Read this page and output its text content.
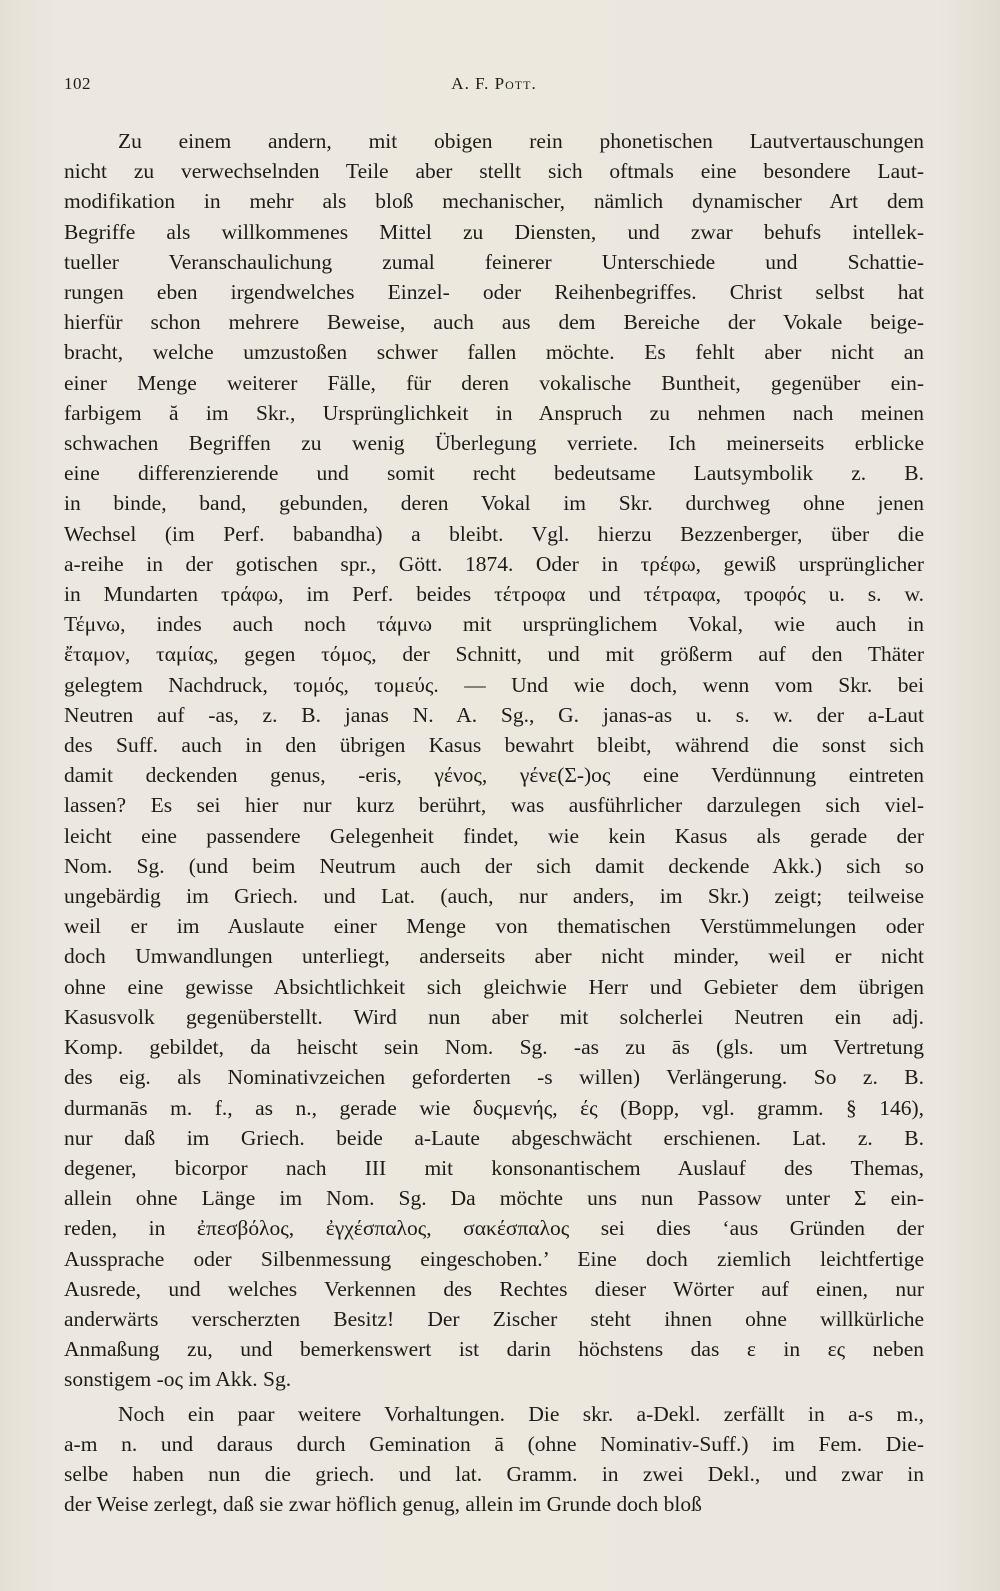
102	A. F. Pott.
Zu einem andern, mit obigen rein phonetischen Lautvertauschungen
nicht zu verwechselnden Teile aber stellt sich oftmals eine besondere Laut-
modifikation in mehr als bloß mechanischer, nämlich dynamischer Art dem
Begriffe als willkommenes Mittel zu Diensten, und zwar behufs intellek-
tueller Veranschaulichung zumal feinerer Unterschiede und Schattie-
rungen eben irgendwelches Einzel- oder Reihenbegriffes. Christ selbst hat
hierfür schon mehrere Beweise, auch aus dem Bereiche der Vokale beige-
bracht, welche umzustoßen schwer fallen möchte. Es fehlt aber nicht an
einer Menge weiterer Fälle, für deren vokalische Buntheit, gegenüber ein-
farbigem ă im Skr., Ursprünglichkeit in Anspruch zu nehmen nach meinen
schwachen Begriffen zu wenig Überlegung verriete. Ich meinerseits erblicke
eine differenzierende und somit recht bedeutsame Lautsymbolik z. B.
in binde, band, gebunden, deren Vokal im Skr. durchweg ohne jenen
Wechsel (im Perf. babandha) a bleibt. Vgl. hierzu Bezzenberger, über die
a-reihe in der gotischen spr., Gött. 1874. Oder in τρέφω, gewiß ursprünglicher
in Mundarten τράφω, im Perf. beides τέτροφα und τέτραφα, τροφός u. s. w.
Τέμνω, indes auch noch τάμνω mit ursprünglichem Vokal, wie auch in
ἔταμον, ταμίας, gegen τόμος, der Schnitt, und mit größerm auf den Thäter
gelegtem Nachdruck, τομός, τομεύς. — Und wie doch, wenn vom Skr. bei
Neutren auf -as, z. B. janas N. A. Sg., G. janas-as u. s. w. der a-Laut
des Suff. auch in den übrigen Kasus bewahrt bleibt, während die sonst sich
damit deckenden genus, -eris, γένος, γένε(Σ-)ος eine Verdünnung eintreten
lassen? Es sei hier nur kurz berührt, was ausführlicher darzulegen sich viel-
leicht eine passendere Gelegenheit findet, wie kein Kasus als gerade der
Nom. Sg. (und beim Neutrum auch der sich damit deckende Akk.) sich so
ungebärdig im Griech. und Lat. (auch, nur anders, im Skr.) zeigt; teilweise
weil er im Auslaute einer Menge von thematischen Verstümmelungen oder
doch Umwandlungen unterliegt, anderseits aber nicht minder, weil er nicht
ohne eine gewisse Absichtlichkeit sich gleichwie Herr und Gebieter dem übrigen
Kasusvolk gegenüberstellt. Wird nun aber mit solcherlei Neutren ein adj.
Komp. gebildet, da heischt sein Nom. Sg. -as zu ās (gls. um Vertretung
des eig. als Nominativzeichen geforderten -s willen) Verlängerung. So z. B.
durmanās m. f., as n., gerade wie δυςμενής, ές (Bopp, vgl. gramm. § 146),
nur daß im Griech. beide a-Laute abgeschwächt erschienen. Lat. z. B.
degener, bicorpor nach III mit konsonantischem Auslauf des Themas,
allein ohne Länge im Nom. Sg. Da möchte uns nun Passow unter Σ ein-
reden, in ἐπεσβόλος, ἐγχέσπαλος, σακέσπαλος sei dies ‘aus Gründen der
Aussprache oder Silbenmessung eingeschoben.’ Eine doch ziemlich leichtfertige
Ausrede, und welches Verkennen des Rechtes dieser Wörter auf einen, nur
anderwärts verscherzten Besitz! Der Zischer steht ihnen ohne willkürliche
Anmaßung zu, und bemerkenswert ist darin höchstens das ε in ες neben
sonstigem -ος im Akk. Sg.
Noch ein paar weitere Vorhaltungen. Die skr. a-Dekl. zerfällt in a-s m.,
a-m n. und daraus durch Gemination ā (ohne Nominativ-Suff.) im Fem. Die-
selbe haben nun die griech. und lat. Gramm. in zwei Dekl., und zwar in
der Weise zerlegt, daß sie zwar höflich genug, allein im Grunde doch bloß
